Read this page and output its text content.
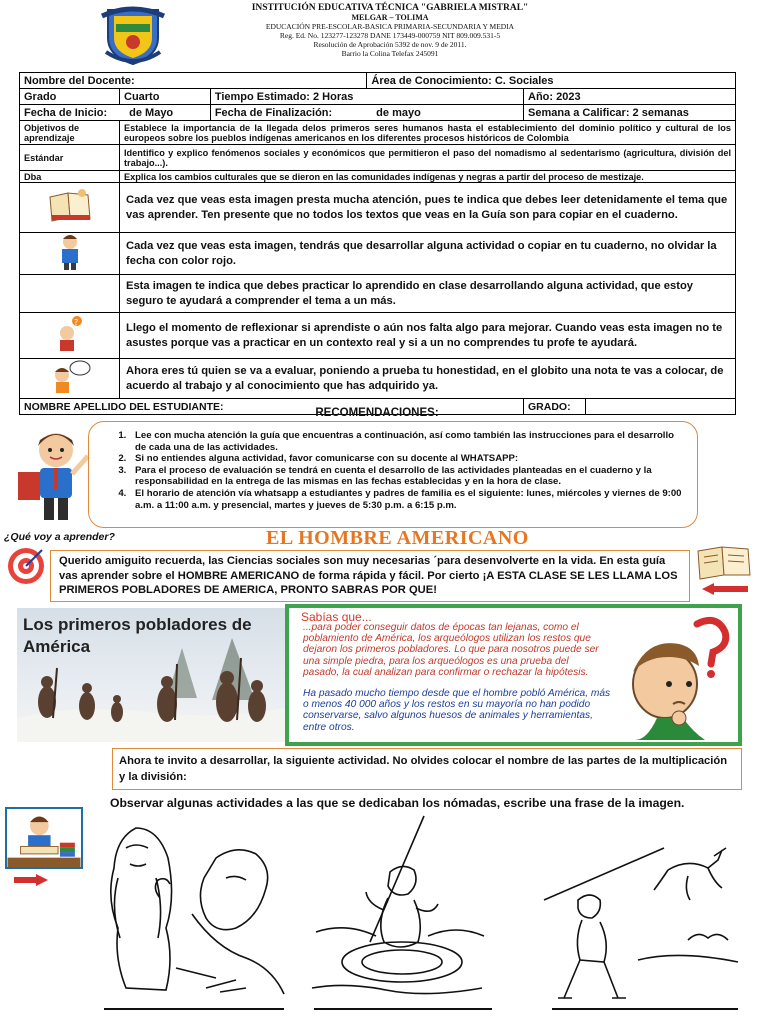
INSTITUCIÓN EDUCATIVA TÉCNICA "GABRIELA MISTRAL"
MELGAR – TOLIMA
EDUCACIÓN PRE-ESCOLAR-BASICA PRIMARIA-SECUNDARIA Y MEDIA
Reg. Ed. No. 123277-123278 DANE 173449-000759 NIT 809.009.531-5
Resolución de Aprobación 5392 de nov. 9 de 2011.
Barrio la Colina Telefax 245091
Nombre del Docente:			Área de Conocimiento: C. Sociales		
Grado	Cuarto	Tiempo Estimado: 2 Horas		Año: 2023	
Fecha de Inicio: de Mayo		Fecha de Finalización: de mayo		Semana a Calificar: 2 semanas	
Objetivos de aprendizaje	Establece la importancia de la llegada delos primeros seres humanos hasta el establecimiento del dominio político y cultural de los europeos sobre los pueblos indígenas americanos en los diferentes procesos históricos de Colombia				
Estándar	Identifico y explico fenómenos sociales y económicos que permitieron el paso del nomadismo al sedentarismo (agricultura, división del trabajo...).				
Dba	Explica los cambios culturales que se dieron en las comunidades indígenas y negras a partir del proceso de mestizaje.				
	Cada vez que veas esta imagen presta mucha atención, pues te indica que debes leer detenidamente el tema que vas aprender. Ten presente que no todos los textos que veas en la Guía son para copiar en el cuaderno.				
	Cada vez que veas esta imagen, tendrás que desarrollar alguna actividad o copiar en tu cuaderno, no olvidar la fecha con color rojo.				
	Esta imagen te indica que debes practicar lo aprendido en clase desarrollando alguna actividad, que estoy seguro te ayudará a comprender el tema a un más.				

?	Llego el momento de reflexionar si aprendiste o aún nos falta algo para mejorar. Cuando veas esta imagen no te asustes porque vas a practicar en un contexto real y si a un no comprendes tu profe te ayudará.				
	Ahora eres tú quien se va a evaluar, poniendo a prueba tu honestidad, en el globito una nota te vas a colocar, de acuerdo al trabajo y al conocimiento que has adquirido ya.				
NOMBRE APELLIDO DEL ESTUDIANTE:				GRADO:	
RECOMENDACIONES:
1. Lee con mucha atención la guía que encuentras a continuación, así como también las instrucciones para el desarrollo de cada una de las actividades.
2. Si no entiendes alguna actividad, favor comunicarse con su docente al WHATSAPP:
3. Para el proceso de evaluación se tendrá en cuenta el desarrollo de las actividades planteadas en el cuaderno y la responsabilidad en la entrega de las mismas en las fechas establecidas y en la hora de clase.
4. El horario de atención vía whatsapp a estudiantes y padres de familia es el siguiente: lunes, miércoles y viernes de 9:00 a.m. a 11:00 a.m. y presencial, martes y jueves de 5:30 p.m. a 6:15 p.m.
¿Qué voy a aprender?	EL HOMBRE AMERICANO
Querido amiguito recuerda, las Ciencias sociales son muy necesarias ´para desenvolverte en la vida. En esta guía vas aprender sobre el HOMBRE AMERICANO de forma rápida y fácil. Por cierto ¡A ESTA CLASE SE LES LLAMA LOS PRIMEROS POBLADORES DE AMERICA, PRONTO SABRAS POR QUE!
Los primeros pobladores de América
Sabías que...
...para poder conseguir datos de épocas tan lejanas, como el poblamiento de América, los arqueólogos utilizan los restos que dejaron los primeros pobladores. Lo que para nosotros puede ser una simple piedra, para los arqueólogos es una prueba del pasado, la cual analizan para confirmar o rechazar la hipótesis.
Ha pasado mucho tiempo desde que el hombre pobló América, más o menos 40 000 años y los restos en su mayoría no han podido conservarse, salvo algunos huesos de animales y herramientas, entre otros.
Ahora te invito a desarrollar, la siguiente actividad. No olvides colocar el nombre de las partes de la multiplicación y la división:
Observar algunas actividades a las que se dedicaban los nómadas, escribe una frase de la imagen.
